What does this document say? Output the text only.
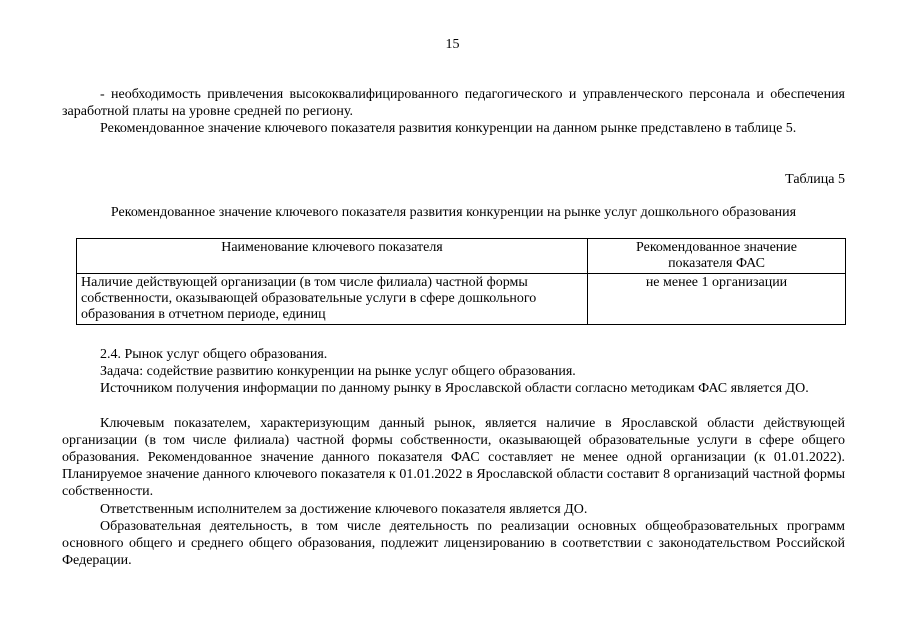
15

- необходимость привлечения высококвалифицированного педагогического и управленческого персонала и обеспечения заработной платы на уровне средней по региону.

Рекомендованное значение ключевого показателя развития конкуренции на данном рынке представлено в таблице 5.

Таблица 5
Рекомендованное значение ключевого показателя развития конкуренции на рынке услуг дошкольного образования
Наименование ключевого показателя	Рекомендованное значение показателя ФАС
Наличие действующей организации (в том числе филиала) частной формы собственности, оказывающей образовательные услуги в сфере дошкольного образования в отчетном периоде, единиц	не менее 1 организации

2.4. Рынок услуг общего образования.

Задача: содействие развитию конкуренции на рынке услуг общего образования.

Источником получения информации по данному рынку в Ярославской области согласно методикам ФАС является ДО.

Ключевым показателем, характеризующим данный рынок, является наличие в Ярославской области действующей организации (в том числе филиала) частной формы собственности, оказывающей образовательные услуги в сфере общего образования. Рекомендованное значение данного показателя ФАС составляет не менее одной организации (к 01.01.2022). Планируемое значение данного ключевого показателя к 01.01.2022 в Ярославской области составит 8 организаций частной формы собственности.

Ответственным исполнителем за достижение ключевого показателя является ДО.

Образовательная деятельность, в том числе деятельность по реализации основных общеобразовательных программ основного общего и среднего общего образования, подлежит лицензированию в соответствии с законодательством Российской Федерации.
